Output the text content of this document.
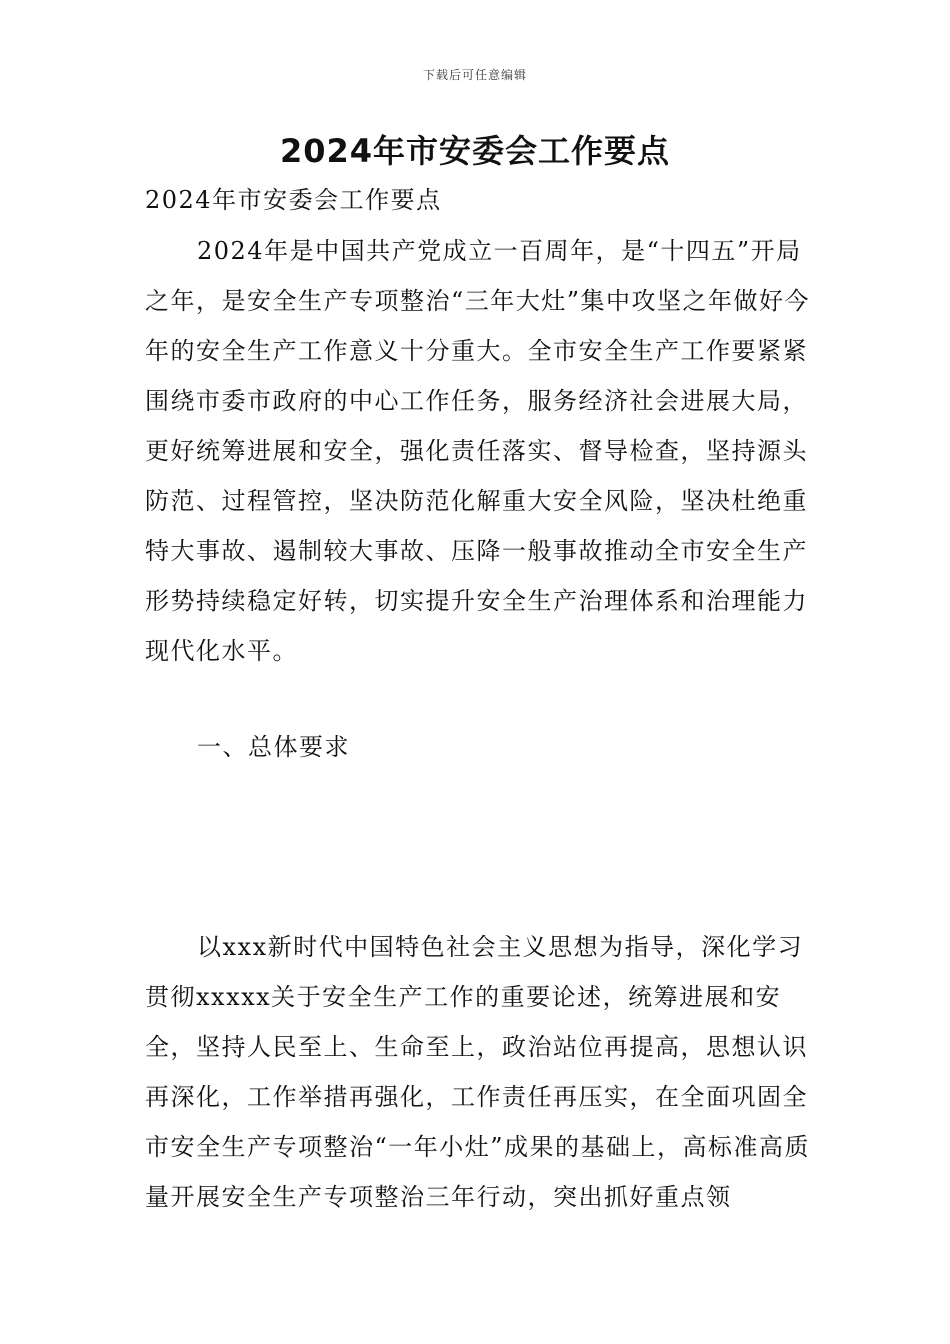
下载后可任意编辑
2024年市安委会工作要点

2024年市安委会工作要点

2024年是中国共产党成立一百周年，是“十四五”开局之年，是安全生产专项整治“三年大灶”集中攻坚之年做好今年的安全生产工作意义十分重大。全市安全生产工作要紧紧围绕市委市政府的中心工作任务，服务经济社会进展大局，更好统筹进展和安全，强化责任落实、督导检查，坚持源头防范、过程管控，坚决防范化解重大安全风险，坚决杜绝重特大事故、遏制较大事故、压降一般事故推动全市安全生产形势持续稳定好转，切实提升安全生产治理体系和治理能力现代化水平。

一、总体要求

以xxx新时代中国特色社会主义思想为指导，深化学习贯彻xxxxx关于安全生产工作的重要论述，统筹进展和安全，坚持人民至上、生命至上，政治站位再提高，思想认识再深化，工作举措再强化，工作责任再压实，在全面巩固全市安全生产专项整治“一年小灶”成果的基础上，高标准高质量开展安全生产专项整治三年行动，突出抓好重点领
